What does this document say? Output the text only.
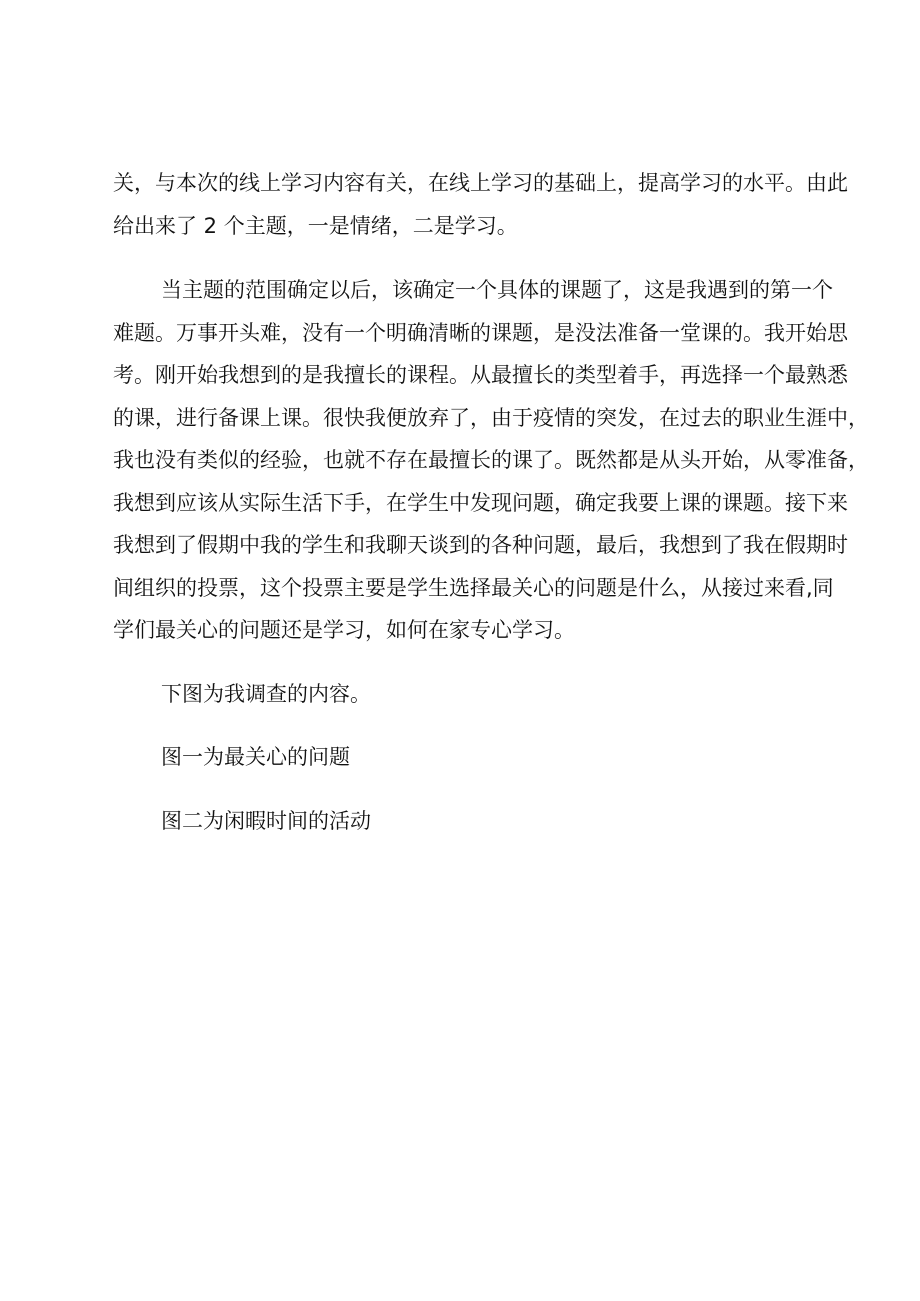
关，与本次的线上学习内容有关，在线上学习的基础上，提高学习的水平。由此
给出来了 2 个主题，一是情绪，二是学习。
当主题的范围确定以后，该确定一个具体的课题了，这是我遇到的第一个
难题。万事开头难，没有一个明确清晰的课题，是没法准备一堂课的。我开始思
考。刚开始我想到的是我擅长的课程。从最擅长的类型着手，再选择一个最熟悉
的课，进行备课上课。很快我便放弃了，由于疫情的突发，在过去的职业生涯中，
我也没有类似的经验，也就不存在最擅长的课了。既然都是从头开始，从零准备，
我想到应该从实际生活下手，在学生中发现问题，确定我要上课的课题。接下来
我想到了假期中我的学生和我聊天谈到的各种问题，最后，我想到了我在假期时
间组织的投票，这个投票主要是学生选择最关心的问题是什么，从接过来看,同
学们最关心的问题还是学习，如何在家专心学习。
下图为我调查的内容。
图一为最关心的问题
图二为闲暇时间的活动
